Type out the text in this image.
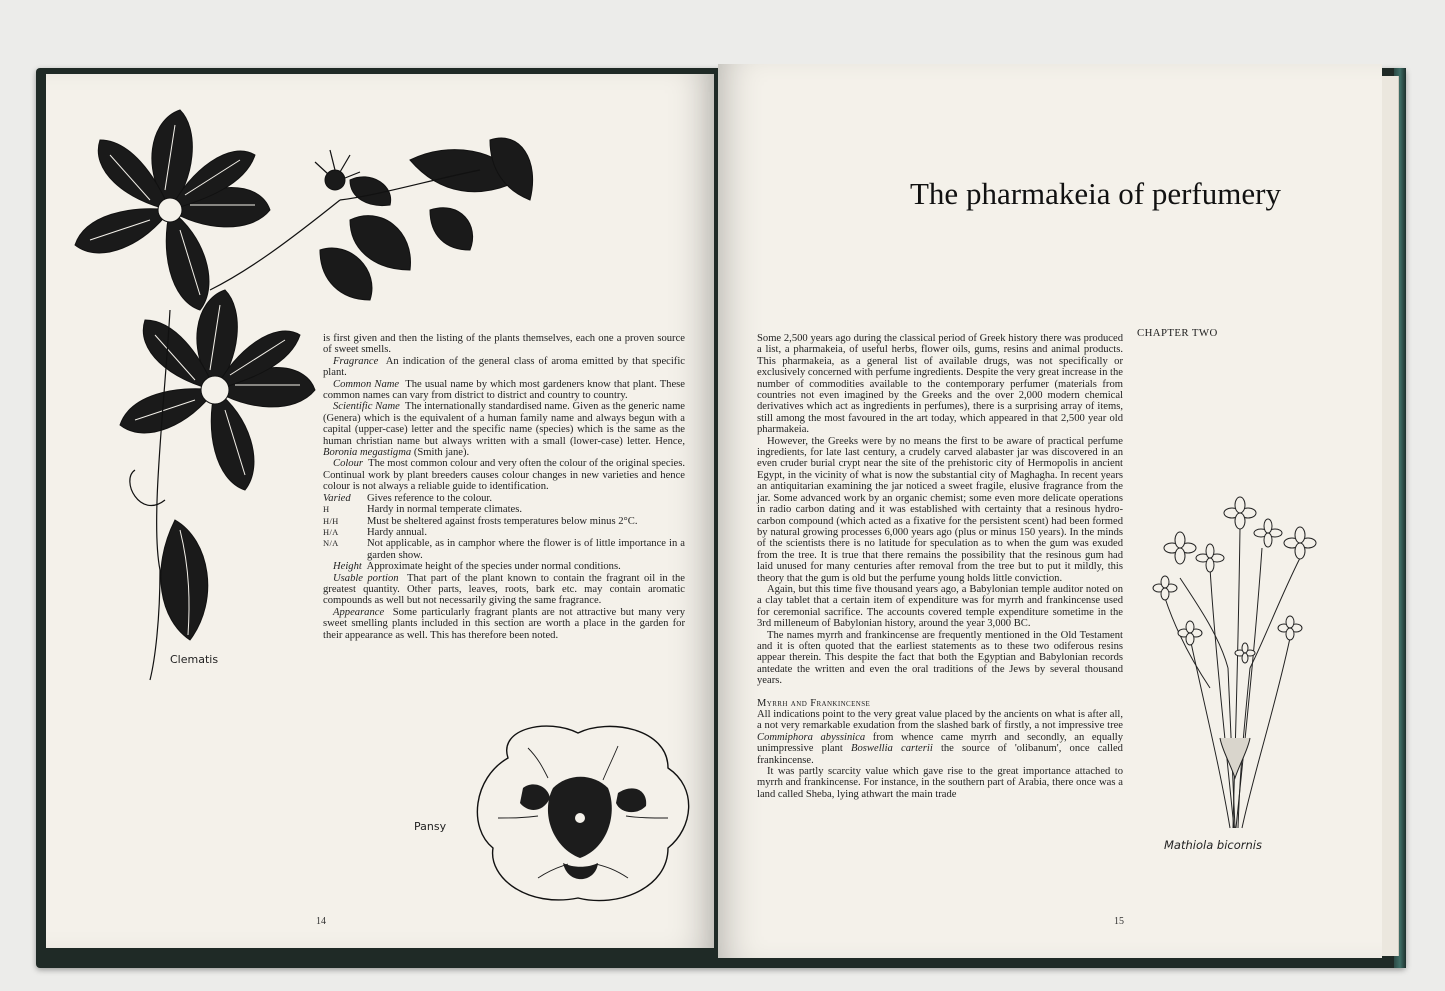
Clematis
Pansy

is first given and then the listing of the plants themselves, each one a proven source of sweet smells.

Fragrance An indication of the general class of aroma emitted by that specific plant.

Common Name The usual name by which most gardeners know that plant. These common names can vary from district to district and country to country.

Scientific Name The internationally standardised name. Given as the generic name (Genera) which is the equivalent of a human family name and always begun with a capital (upper-case) letter and the specific name (species) which is the same as the human christian name but always written with a small (lower-case) letter. Hence, Boronia megastigma (Smith jane).

Colour The most common colour and very often the colour of the original species. Continual work by plant breeders causes colour changes in new varieties and hence colour is not always a reliable guide to identification.

Varied	Gives reference to the colour.
H	Hardy in normal temperate climates.
H/H	Must be sheltered against frosts temperatures below minus 2°C.
H/A	Hardy annual.
N/A	Not applicable, as in camphor where the flower is of little importance in a garden show.

Height Approximate height of the species under normal conditions.

Usable portion That part of the plant known to contain the fragrant oil in the greatest quantity. Other parts, leaves, roots, bark etc. may contain aromatic compounds as well but not necessarily giving the same fragrance.

Appearance Some particularly fragrant plants are not attractive but many very sweet smelling plants included in this section are worth a place in the garden for their appearance as well. This has therefore been noted.

14
The pharmakeia of perfumery
CHAPTER TWO

Some 2,500 years ago during the classical period of Greek history there was produced a list, a pharmakeia, of useful herbs, flower oils, gums, resins and animal products. This pharmakeia, as a general list of available drugs, was not specifically or exclusively concerned with perfume ingredients. Despite the very great increase in the number of commodities available to the contemporary perfumer (materials from countries not even imagined by the Greeks and the over 2,000 modern chemical derivatives which act as ingredients in perfumes), there is a surprising array of items, still among the most favoured in the art today, which appeared in that 2,500 year old pharmakeia.

However, the Greeks were by no means the first to be aware of practical perfume ingredients, for late last century, a crudely carved alabaster jar was discovered in an even cruder burial crypt near the site of the prehistoric city of Hermopolis in ancient Egypt, in the vicinity of what is now the substantial city of Maghagha. In recent years an antiquitarian examining the jar noticed a sweet fragile, elusive fragrance from the jar. Some advanced work by an organic chemist; some even more delicate operations in radio carbon dating and it was established with certainty that a resinous hydro-carbon compound (which acted as a fixative for the persistent scent) had been formed by natural growing processes 6,000 years ago (plus or minus 150 years). In the minds of the scientists there is no latitude for speculation as to when the gum was exuded from the tree. It is true that there remains the possibility that the resinous gum had laid unused for many centuries after removal from the tree but to put it mildly, this theory that the gum is old but the perfume young holds little conviction.

Again, but this time five thousand years ago, a Babylonian temple auditor noted on a clay tablet that a certain item of expenditure was for myrrh and frankincense used for ceremonial sacrifice. The accounts covered temple expenditure sometime in the 3rd milleneum of Babylonian history, around the year 3,000 BC.

The names myrrh and frankincense are frequently mentioned in the Old Testament and it is often quoted that the earliest statements as to these two odiferous resins appear therein. This despite the fact that both the Egyptian and Babylonian records antedate the written and even the oral traditions of the Jews by several thousand years.

Myrrh and Frankincense

All indications point to the very great value placed by the ancients on what is after all, a not very remarkable exudation from the slashed bark of firstly, a not impressive tree Commiphora abyssinica from whence came myrrh and secondly, an equally unimpressive plant Boswellia carterii the source of 'olibanum', once called frankincense.

It was partly scarcity value which gave rise to the great importance attached to myrrh and frankincense. For instance, in the southern part of Arabia, there once was a land called Sheba, lying athwart the main trade

Mathiola bicornis
15
